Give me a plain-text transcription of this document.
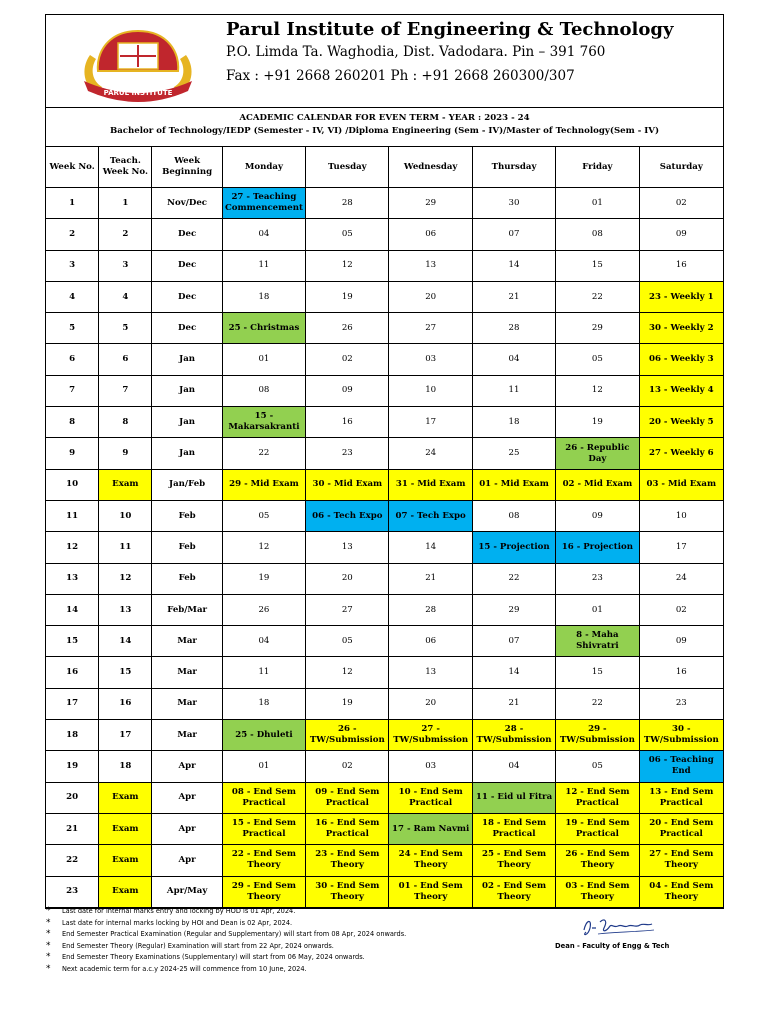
PARUL INSTITUTE
Parul Institute of Engineering & Technology
P.O. Limda Ta. Waghodia, Dist. Vadodara. Pin – 391 760
Fax : +91 2668 260201 Ph : +91 2668 260300/307
ACADEMIC CALENDAR FOR EVEN TERM - YEAR : 2023 - 24
Bachelor of Technology/IEDP (Semester - IV, VI) /Diploma Engineering (Sem - IV)/Master of Technology(Sem - IV)
Week No.	Teach. Week No.	Week Beginning	Monday	Tuesday	Wednesday	Thursday	Friday	Saturday
1	1	Nov/Dec	27 - Teaching Commencement	28	29	30	01	02
2	2	Dec	04	05	06	07	08	09
3	3	Dec	11	12	13	14	15	16
4	4	Dec	18	19	20	21	22	23 - Weekly 1
5	5	Dec	25 - Christmas	26	27	28	29	30 - Weekly 2
6	6	Jan	01	02	03	04	05	06 - Weekly 3
7	7	Jan	08	09	10	11	12	13 - Weekly 4
8	8	Jan	15 - Makarsakranti	16	17	18	19	20 - Weekly 5
9	9	Jan	22	23	24	25	26 - Republic Day	27 - Weekly 6
10	Exam	Jan/Feb	29 - Mid Exam	30 - Mid Exam	31 - Mid Exam	01 - Mid Exam	02 - Mid Exam	03 - Mid Exam
11	10	Feb	05	06 - Tech Expo	07 - Tech Expo	08	09	10
12	11	Feb	12	13	14	15 - Projection	16 - Projection	17
13	12	Feb	19	20	21	22	23	24
14	13	Feb/Mar	26	27	28	29	01	02
15	14	Mar	04	05	06	07	8 - Maha Shivratri	09
16	15	Mar	11	12	13	14	15	16
17	16	Mar	18	19	20	21	22	23
18	17	Mar	25 - Dhuleti	26 - TW/Submission	27 - TW/Submission	28 - TW/Submission	29 - TW/Submission	30 - TW/Submission
19	18	Apr	01	02	03	04	05	06 - Teaching End
20	Exam	Apr	08 - End Sem Practical	09 - End Sem Practical	10 - End Sem Practical	11 - Eid ul Fitra	12 - End Sem Practical	13 - End Sem Practical
21	Exam	Apr	15 - End Sem Practical	16 - End Sem Practical	17 - Ram Navmi	18 - End Sem Practical	19 - End Sem Practical	20 - End Sem Practical
22	Exam	Apr	22 - End Sem Theory	23 - End Sem Theory	24 - End Sem Theory	25 - End Sem Theory	26 - End Sem Theory	27 - End Sem Theory
23	Exam	Apr/May	29 - End Sem Theory	30 - End Sem Theory	01 - End Sem Theory	02 - End Sem Theory	03 - End Sem Theory	04 - End Sem Theory
* Last date for internal marks entry and locking by HOD is 01 Apr, 2024.
* Last date for internal marks locking by HOI and Dean is 02 Apr, 2024.
* End Semester Practical Examination (Regular and Supplementary) will start from 08 Apr, 2024 onwards.
* End Semester Theory (Regular) Examination will start from 22 Apr, 2024 onwards.
* End Semester Theory Examinations (Supplementary) will start from 06 May, 2024 onwards.
* Next academic term for a.c.y 2024-25 will commence from 10 June, 2024.
Dean - Faculty of Engg & Tech
